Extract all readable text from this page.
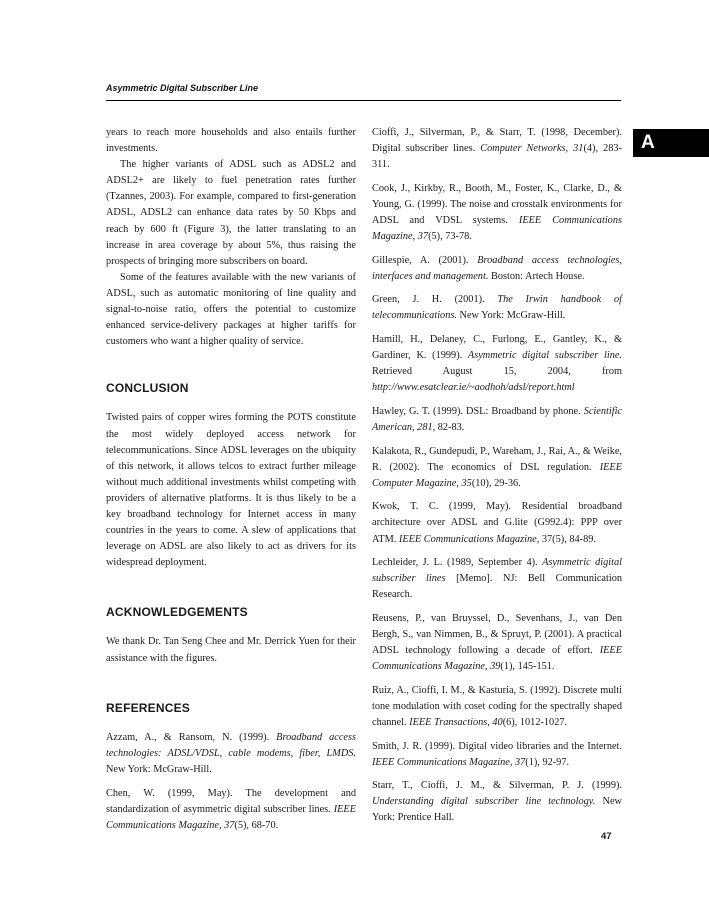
Asymmetric Digital Subscriber Line
A

years to reach more households and also entails further investments.

The higher variants of ADSL such as ADSL2 and ADSL2+ are likely to fuel penetration rates further (Tzannes, 2003). For example, compared to first-generation ADSL, ADSL2 can enhance data rates by 50 Kbps and reach by 600 ft (Figure 3), the latter translating to an increase in area coverage by about 5%, thus raising the prospects of bringing more subscribers on board.

Some of the features available with the new variants of ADSL, such as automatic monitoring of line quality and signal-to-noise ratio, offers the potential to customize enhanced service-delivery packages at higher tariffs for customers who want a higher quality of service.

CONCLUSION

Twisted pairs of copper wires forming the POTS constitute the most widely deployed access network for telecommunications. Since ADSL leverages on the ubiquity of this network, it allows telcos to extract further mileage without much additional investments whilst competing with providers of alternative platforms. It is thus likely to be a key broadband technology for Internet access in many countries in the years to come. A slew of applications that leverage on ADSL are also likely to act as drivers for its widespread deployment.

ACKNOWLEDGEMENTS

We thank Dr. Tan Seng Chee and Mr. Derrick Yuen for their assistance with the figures.

REFERENCES

Azzam, A., & Ransom, N. (1999). Broadband access technologies: ADSL/VDSL, cable modems, fiber, LMDS. New York: McGraw-Hill.

Chen, W. (1999, May). The development and standardization of asymmetric digital subscriber lines. IEEE Communications Magazine, 37(5), 68-70.

Cioffi, J., Silverman, P., & Starr, T. (1998, December). Digital subscriber lines. Computer Networks, 31(4), 283-311.

Cook, J., Kirkby, R., Booth, M., Foster, K., Clarke, D., & Young, G. (1999). The noise and crosstalk environments for ADSL and VDSL systems. IEEE Communications Magazine, 37(5), 73-78.

Gillespie, A. (2001). Broadband access technologies, interfaces and management. Boston: Artech House.

Green, J. H. (2001). The Irwin handbook of telecommunications. New York: McGraw-Hill.

Hamill, H., Delaney, C., Furlong, E., Gantley, K., & Gardiner, K. (1999). Asymmetric digital subscriber line. Retrieved August 15, 2004, from http://www.esatclear.ie/~aodhoh/adsl/report.html

Hawley, G. T. (1999). DSL: Broadband by phone. Scientific American, 281, 82-83.

Kalakota, R., Gundepudi, P., Wareham, J., Rai, A., & Weike, R. (2002). The economics of DSL regulation. IEEE Computer Magazine, 35(10), 29-36.

Kwok, T. C. (1999, May). Residential broadband architecture over ADSL and G.lite (G992.4): PPP over ATM. IEEE Communications Magazine, 37(5), 84-89.

Lechleider, J. L. (1989, September 4). Asymmetric digital subscriber lines [Memo]. NJ: Bell Communication Research.

Reusens, P., van Bruyssel, D., Sevenhans, J., van Den Bergh, S., van Nimmen, B., & Spruyt, P. (2001). A practical ADSL technology following a decade of effort. IEEE Communications Magazine, 39(1), 145-151.

Ruiz, A., Cioffi, I. M., & Kasturia, S. (1992). Discrete multi tone modulation with coset coding for the spectrally shaped channel. IEEE Transactions, 40(6), 1012-1027.

Smith, J. R. (1999). Digital video libraries and the Internet. IEEE Communications Magazine, 37(1), 92-97.

Starr, T., Cioffi, J. M., & Silverman, P. J. (1999). Understanding digital subscriber line technology. New York: Prentice Hall.

47
